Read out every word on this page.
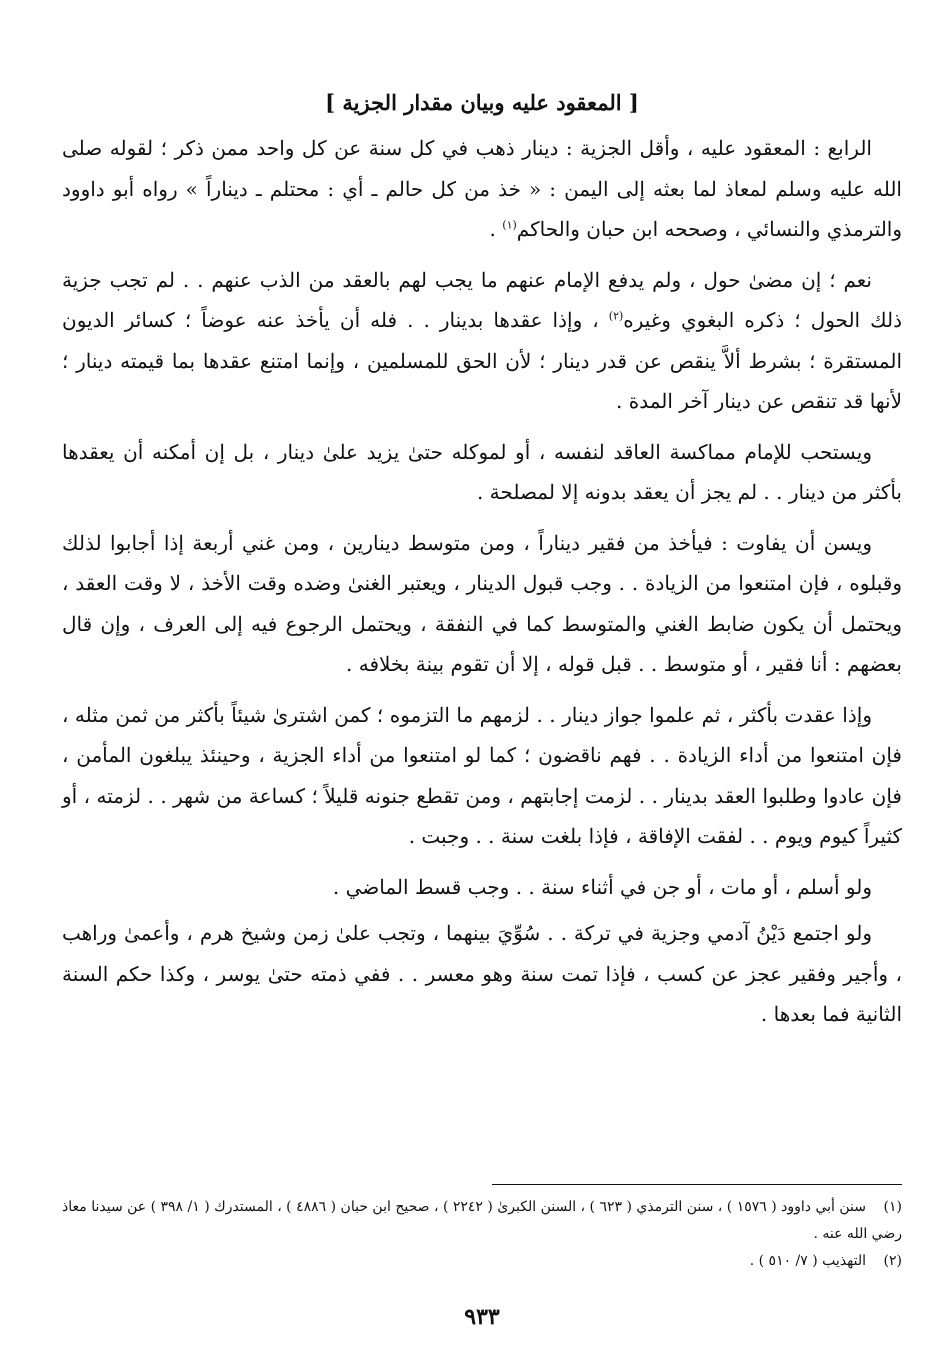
[ المعقود عليه وبيان مقدار الجزية ]

الرابع : المعقود عليه ، وأقل الجزية : دينار ذهب في كل سنة عن كل واحد ممن ذكر ؛ لقوله صلى الله عليه وسلم لمعاذ لما بعثه إلى اليمن : « خذ من كل حالم ـ أي : محتلم ـ ديناراً » رواه أبو داوود والترمذي والنسائي ، وصححه ابن حبان والحاكم$^{(١)}$ .

نعم ؛ إن مضىٰ حول ، ولم يدفع الإمام عنهم ما يجب لهم بالعقد من الذب عنهم . . لم تجب جزية ذلك الحول ؛ ذكره البغوي وغيره$^{(٢)}$ ، وإذا عقدها بدينار . . فله أن يأخذ عنه عوضاً ؛ كسائر الديون المستقرة ؛ بشرط ألاَّ ينقص عن قدر دينار ؛ لأن الحق للمسلمين ، وإنما امتنع عقدها بما قيمته دينار ؛ لأنها قد تنقص عن دينار آخر المدة .

ويستحب للإمام مماكسة العاقد لنفسه ، أو لموكله حتىٰ يزيد علىٰ دينار ، بل إن أمكنه أن يعقدها بأكثر من دينار . . لم يجز أن يعقد بدونه إلا لمصلحة .

ويسن أن يفاوت : فيأخذ من فقير ديناراً ، ومن متوسط دينارين ، ومن غني أربعة إذا أجابوا لذلك وقبلوه ، فإن امتنعوا من الزيادة . . وجب قبول الدينار ، ويعتبر الغنىٰ وضده وقت الأخذ ، لا وقت العقد ، ويحتمل أن يكون ضابط الغني والمتوسط كما في النفقة ، ويحتمل الرجوع فيه إلى العرف ، وإن قال بعضهم : أنا فقير ، أو متوسط . . قبل قوله ، إلا أن تقوم بينة بخلافه .

وإذا عقدت بأكثر ، ثم علموا جواز دينار . . لزمهم ما التزموه ؛ كمن اشترىٰ شيئاً بأكثر من ثمن مثله ، فإن امتنعوا من أداء الزيادة . . فهم ناقضون ؛ كما لو امتنعوا من أداء الجزية ، وحينئذ يبلغون المأمن ، فإن عادوا وطلبوا العقد بدينار . . لزمت إجابتهم ، ومن تقطع جنونه قليلاً ؛ كساعة من شهر . . لزمته ، أو كثيراً كيوم ويوم . . لفقت الإفاقة ، فإذا بلغت سنة . . وجبت .

ولو أسلم ، أو مات ، أو جن في أثناء سنة . . وجب قسط الماضي .

ولو اجتمع دَيْنُ آدمي وجزية في تركة . . سُوِّيَ بينهما ، وتجب علىٰ زمن وشيخ هرم ، وأعمىٰ وراهب ، وأجير وفقير عجز عن كسب ، فإذا تمت سنة وهو معسر . . ففي ذمته حتىٰ يوسر ، وكذا حكم السنة الثانية فما بعدها .

(١)سنن أبي داوود ( ١٥٧٦ ) ، سنن الترمذي ( ٦٢٣ ) ، السنن الكبرىٰ ( ٢٢٤٢ ) ، صحيح ابن حبان ( ٤٨٨٦ ) ، المستدرك ( ١/ ٣٩٨ ) عن سيدنا معاذ رضي الله عنه .

(٢)التهذيب ( ٧/ ٥١٠ ) .

٩٣٣
